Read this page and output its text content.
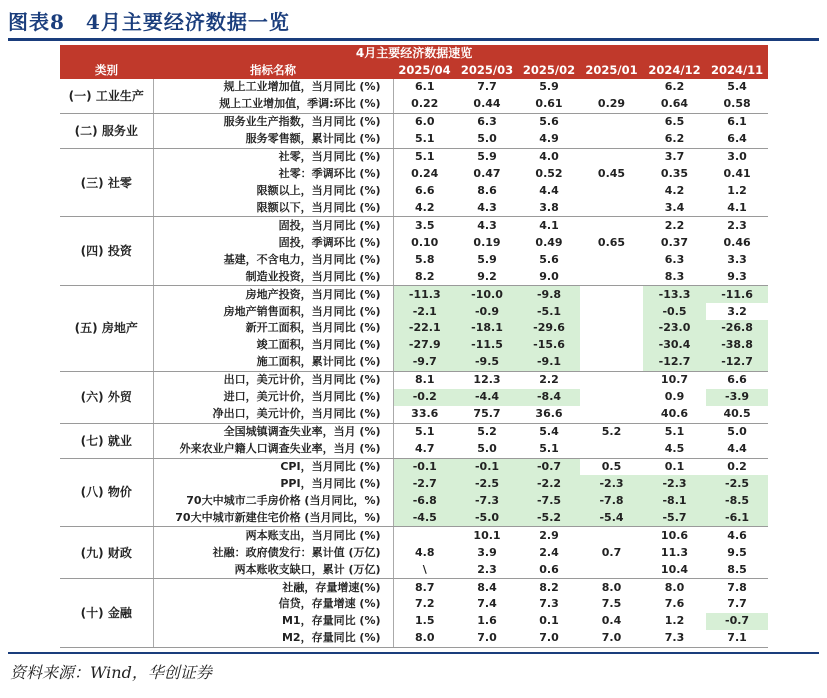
图表8　4月主要经济数据一览
4月主要经济数据速览							
类别	指标名称	2025/04	2025/03	2025/02	2025/01	2024/12	2024/11
(一) 工业生产	规上工业增加值，当月同比 (%)	6.1	7.7	5.9		6.2	5.4
	规上工业增加值，季调:环比 (%)	0.22	0.44	0.61	0.29	0.64	0.58
(二) 服务业	服务业生产指数，当月同比 (%)	6.0	6.3	5.6		6.5	6.1
	服务零售额，累计同比 (%)	5.1	5.0	4.9		6.2	6.4
(三) 社零	社零，当月同比 (%)	5.1	5.9	4.0		3.7	3.0
	社零：季调环比 (%)	0.24	0.47	0.52	0.45	0.35	0.41
	限额以上，当月同比 (%)	6.6	8.6	4.4		4.2	1.2
	限额以下，当月同比 (%)	4.2	4.3	3.8		3.4	4.1
(四) 投资	固投，当月同比 (%)	3.5	4.3	4.1		2.2	2.3
	固投，季调环比 (%)	0.10	0.19	0.49	0.65	0.37	0.46
	基建，不含电力，当月同比 (%)	5.8	5.9	5.6		6.3	3.3
	制造业投资，当月同比 (%)	8.2	9.2	9.0		8.3	9.3
(五) 房地产	房地产投资，当月同比 (%)	-11.3	-10.0	-9.8		-13.3	-11.6
	房地产销售面积，当月同比 (%)	-2.1	-0.9	-5.1		-0.5	3.2
	新开工面积，当月同比 (%)	-22.1	-18.1	-29.6		-23.0	-26.8
	竣工面积，当月同比 (%)	-27.9	-11.5	-15.6		-30.4	-38.8
	施工面积，累计同比 (%)	-9.7	-9.5	-9.1		-12.7	-12.7
(六) 外贸	出口，美元计价，当月同比 (%)	8.1	12.3	2.2		10.7	6.6
	进口，美元计价，当月同比 (%)	-0.2	-4.4	-8.4		0.9	-3.9
	净出口，美元计价，当月同比 (%)	33.6	75.7	36.6		40.6	40.5
(七) 就业	全国城镇调查失业率，当月 (%)	5.1	5.2	5.4	5.2	5.1	5.0
	外来农业户籍人口调查失业率，当月 (%)	4.7	5.0	5.1		4.5	4.4
(八) 物价	CPI，当月同比 (%)	-0.1	-0.1	-0.7	0.5	0.1	0.2
	PPI，当月同比 (%)	-2.7	-2.5	-2.2	-2.3	-2.3	-2.5
	70大中城市二手房价格 (当月同比，%)	-6.8	-7.3	-7.5	-7.8	-8.1	-8.5
	70大中城市新建住宅价格 (当月同比，%)	-4.5	-5.0	-5.2	-5.4	-5.7	-6.1
(九) 财政	两本账支出，当月同比 (%)		10.1	2.9		10.6	4.6
	社融：政府债发行：累计值 (万亿)	4.8	3.9	2.4	0.7	11.3	9.5
	两本账收支缺口，累计 (万亿)	\	2.3	0.6		10.4	8.5
(十) 金融	社融，存量增速(%)	8.7	8.4	8.2	8.0	8.0	7.8
	信贷，存量增速 (%)	7.2	7.4	7.3	7.5	7.6	7.7
	M1，存量同比 (%)	1.5	1.6	0.1	0.4	1.2	-0.7
	M2，存量同比 (%)	8.0	7.0	7.0	7.0	7.3	7.1
资料来源：Wind，华创证券
